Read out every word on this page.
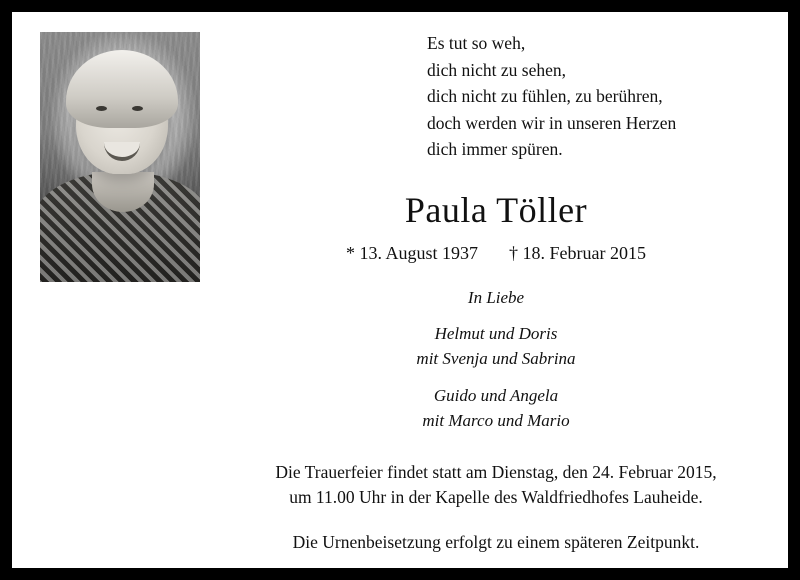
Es tut so weh,
dich nicht zu sehen,
dich nicht zu fühlen, zu berühren,
doch werden wir in unseren Herzen
dich immer spüren.
Paula Töller
* 13. August 1937 † 18. Februar 2015
In Liebe
Helmut und Doris
mit Svenja und Sabrina
Guido und Angela
mit Marco und Mario
Die Trauerfeier findet statt am Dienstag, den 24. Februar 2015,
um 11.00 Uhr in der Kapelle des Waldfriedhofes Lauheide.
Die Urnenbeisetzung erfolgt zu einem späteren Zeitpunkt.
